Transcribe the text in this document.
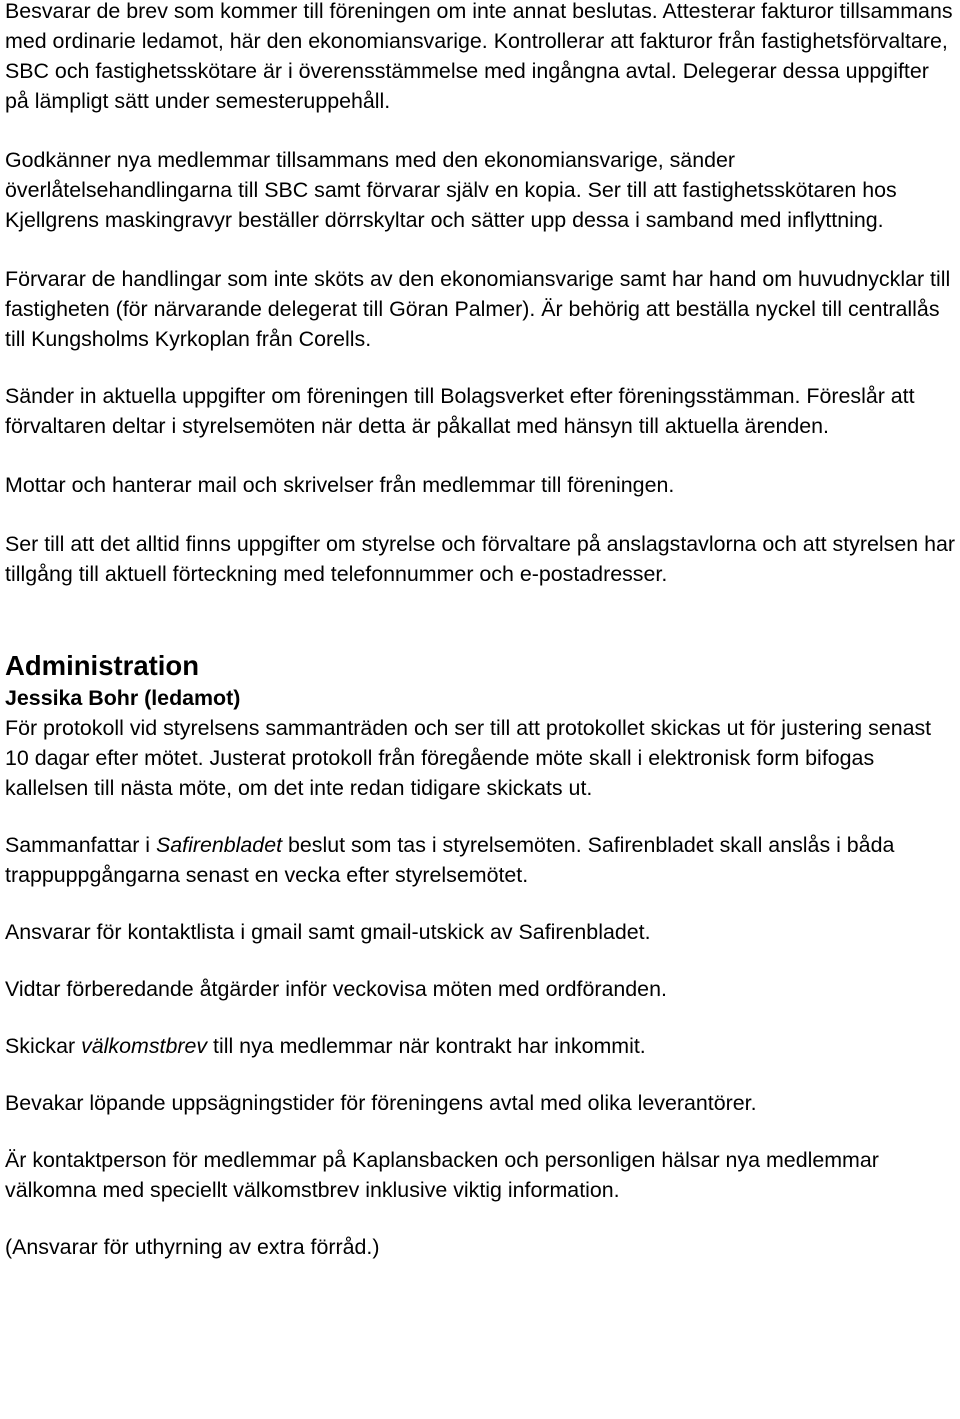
Besvarar de brev som kommer till föreningen om inte annat beslutas. Attesterar fakturor tillsammans med ordinarie ledamot, här den ekonomiansvarige. Kontrollerar att fakturor från fastighetsförvaltare, SBC och fastighetsskötare är i överensstämmelse med ingångna avtal. Delegerar dessa uppgifter på lämpligt sätt under semesteruppehåll.

Godkänner nya medlemmar tillsammans med den ekonomiansvarige, sänder överlåtelsehandlingarna till SBC samt förvarar själv en kopia. Ser till att fastighetsskötaren hos Kjellgrens maskingravyr beställer dörrskyltar och sätter upp dessa i samband med inflyttning.

Förvarar de handlingar som inte sköts av den ekonomiansvarige samt har hand om huvudnycklar till fastigheten (för närvarande delegerat till Göran Palmer). Är behörig att beställa nyckel till centrallås till Kungsholms Kyrkoplan från Corells.

Sänder in aktuella uppgifter om föreningen till Bolagsverket efter föreningsstämman. Föreslår att förvaltaren deltar i styrelsemöten när detta är påkallat med hänsyn till aktuella ärenden.

Mottar och hanterar mail och skrivelser från medlemmar till föreningen.

Ser till att det alltid finns uppgifter om styrelse och förvaltare på anslagstavlorna och att styrelsen har tillgång till aktuell förteckning med telefonnummer och e-postadresser.

Administration
Jessika Bohr (ledamot)

För protokoll vid styrelsens sammanträden och ser till att protokollet skickas ut för justering senast 10 dagar efter mötet. Justerat protokoll från föregående möte skall i elektronisk form bifogas kallelsen till nästa möte, om det inte redan tidigare skickats ut.

Sammanfattar i Safirenbladet beslut som tas i styrelsemöten. Safirenbladet skall anslås i båda trappuppgångarna senast en vecka efter styrelsemötet.

Ansvarar för kontaktlista i gmail samt gmail-utskick av Safirenbladet.

Vidtar förberedande åtgärder inför veckovisa möten med ordföranden.

Skickar välkomstbrev till nya medlemmar när kontrakt har inkommit.

Bevakar löpande uppsägningstider för föreningens avtal med olika leverantörer.

Är kontaktperson för medlemmar på Kaplansbacken och personligen hälsar nya medlemmar välkomna med speciellt välkomstbrev inklusive viktig information.

(Ansvarar för uthyrning av extra förråd.)
